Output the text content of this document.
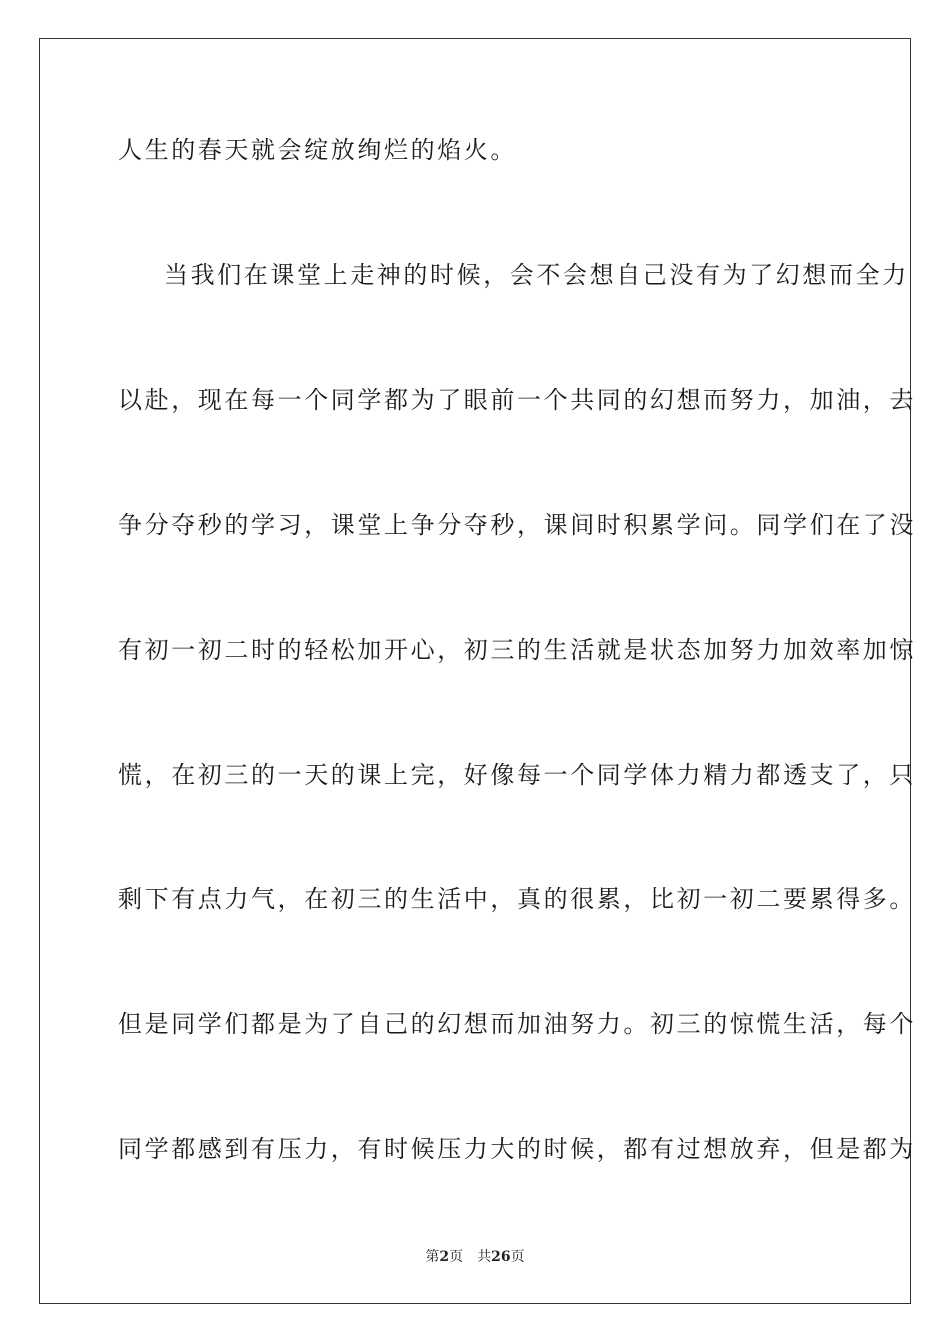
人生的春天就会绽放绚烂的焰火。
当我们在课堂上走神的时候，会不会想自己没有为了幻想而全力
以赴，现在每一个同学都为了眼前一个共同的幻想而努力，加油，去
争分夺秒的学习，课堂上争分夺秒，课间时积累学问。同学们在了没
有初一初二时的轻松加开心，初三的生活就是状态加努力加效率加惊
慌，在初三的一天的课上完，好像每一个同学体力精力都透支了，只
剩下有点力气，在初三的生活中，真的很累，比初一初二要累得多。
但是同学们都是为了自己的幻想而加油努力。初三的惊慌生活，每个
同学都感到有压力，有时候压力大的时候，都有过想放弃，但是都为
第2页 共26页
